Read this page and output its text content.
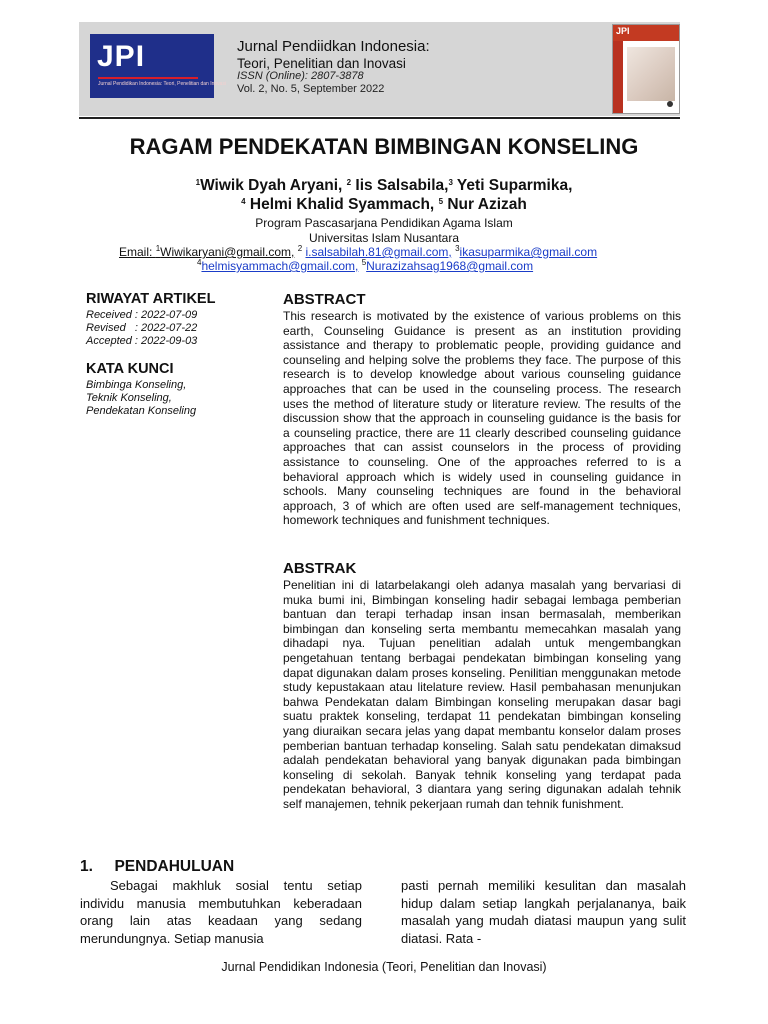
JPI
Jurnal Pendidikan Indonesia: Teori, Penelitian dan Inovasi
Jurnal Pendiidkan Indonesia:
Teori, Penelitian dan Inovasi
ISSN (Online): 2807-3878
Vol. 2, No. 5, September 2022
JPI
RAGAM PENDEKATAN BIMBINGAN KONSELING
$^1$Wiwik Dyah Aryani, $^2$ Iis Salsabila,$^3$ Yeti Suparmika,
$^4$ Helmi Khalid Syammach, $^5$ Nur Azizah
Program Pascasarjana Pendidikan Agama Islam
Universitas Islam Nusantara
Email: $^1$Wiwikaryani@gmail.com, $^2$ i.salsabilah.81@gmail.com, $^3$ikasuparmika@gmail.com
$^4$helmisyammach@gmail.com, $^5$Nurazizahsag1968@gmail.com
RIWAYAT ARTIKEL
Received : 2022-07-09
Revised   : 2022-07-22
Accepted : 2022-09-03
KATA KUNCI
Bimbinga Konseling, Teknik Konseling, Pendekatan Konseling
ABSTRACT
This research is motivated by the existence of various problems on this earth, Counseling Guidance is present as an institution providing assistance and therapy to problematic people, providing guidance and counseling and helping solve the problems they face. The purpose of this research is to develop knowledge about various counseling guidance approaches that can be used in the counseling process. The research uses the method of literature study or literature review. The results of the discussion show that the approach in counseling guidance is the basis for a counseling practice, there are 11 clearly described counseling guidance approaches that can assist counselors in the process of providing assistance to counseling. One of the approaches referred to is a behavioral approach which is widely used in counseling guidance in schools. Many counseling techniques are found in the behavioral approach, 3 of which are often used are self-management techniques, homework techniques and funishment techniques.
ABSTRAK
Penelitian ini di latarbelakangi oleh adanya masalah yang bervariasi di muka bumi ini, Bimbingan konseling hadir sebagai lembaga pemberian bantuan dan terapi terhadap insan insan bermasalah, memberikan bimbingan dan konseling serta membantu memecahkan masalah yang dihadapi nya. Tujuan penelitian adalah untuk mengembangkan pengetahuan tentang berbagai pendekatan bimbingan konseling yang dapat digunakan dalam proses konseling. Penilitian menggunakan metode study kepustakaan atau litelature review. Hasil pembahasan menunjukan bahwa Pendekatan dalam Bimbingan konseling merupakan dasar bagi suatu praktek konseling, terdapat 11 pendekatan bimbingan konseling yang diuraikan secara jelas yang dapat membantu konselor dalam proses pemberian bantuan terhadap konseling. Salah satu pendekatan dimaksud adalah pendekatan behavioral yang banyak digunakan pada bimbingan konseling di sekolah. Banyak tehnik konseling yang terdapat pada pendekatan behavioral, 3 diantara yang sering digunakan adalah tehnik self manajemen, tehnik pekerjaan rumah dan tehnik funishment.
1.     PENDAHULUAN
Sebagai makhluk sosial tentu setiap individu manusia membutuhkan keberadaan orang lain atas keadaan yang sedang merundungnya. Setiap manusia
pasti pernah memiliki kesulitan dan masalah hidup dalam setiap langkah perjalananya, baik masalah yang mudah diatasi maupun yang sulit diatasi. Rata -
Jurnal Pendidikan Indonesia (Teori, Penelitian dan Inovasi)
